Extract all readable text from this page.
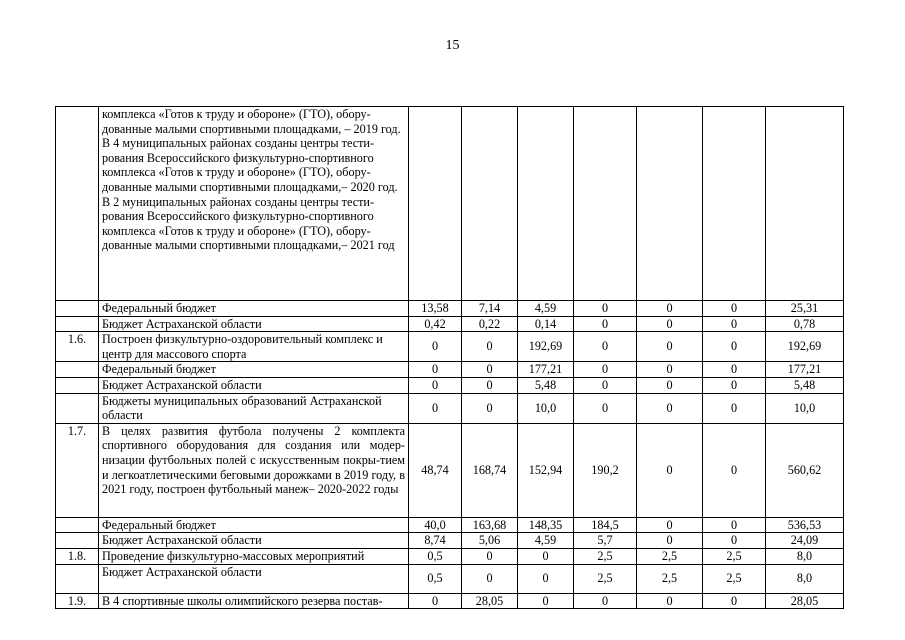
15
	комплекса «Готов к труду и обороне» (ГТО), обору-дованные малыми спортивными площадками, – 2019 год.
В 4 муниципальных районах созданы центры тести-рования Всероссийского физкультурно-спортивного комплекса «Готов к труду и обороне» (ГТО), обору-дованные малыми спортивными площадками,– 2020 год.
В 2 муниципальных районах созданы центры тести-рования Всероссийского физкультурно-спортивного комплекса «Готов к труду и обороне» (ГТО), обору-дованные малыми спортивными площадками,– 2021 год							
	Федеральный бюджет	13,58	7,14	4,59	0	0	0	25,31
	Бюджет Астраханской области	0,42	0,22	0,14	0	0	0	0,78
1.6.	Построен физкультурно-оздоровительный комплекс и центр для массового спорта	0	0	192,69	0	0	0	192,69
	Федеральный бюджет	0	0	177,21	0	0	0	177,21
	Бюджет Астраханской области	0	0	5,48	0	0	0	5,48
	Бюджеты муниципальных образований Астраханской области	0	0	10,0	0	0	0	10,0
1.7.	В целях развития футбола получены 2 комплекта спортивного оборудования для создания или модер-низации футбольных полей с искусственным покры-тием и легкоатлетическими беговыми дорожками в 2019 году, в 2021 году, построен футбольный манеж– 2020-2022 годы	48,74	168,74	152,94	190,2	0	0	560,62
	Федеральный бюджет	40,0	163,68	148,35	184,5	0	0	536,53
	Бюджет Астраханской области	8,74	5,06	4,59	5,7	0	0	24,09
1.8.	Проведение физкультурно-массовых мероприятий	0,5	0	0	2,5	2,5	2,5	8,0
	Бюджет Астраханской области	0,5	0	0	2,5	2,5	2,5	8,0
1.9.	В 4 спортивные школы олимпийского резерва постав-	0	28,05	0	0	0	0	28,05
